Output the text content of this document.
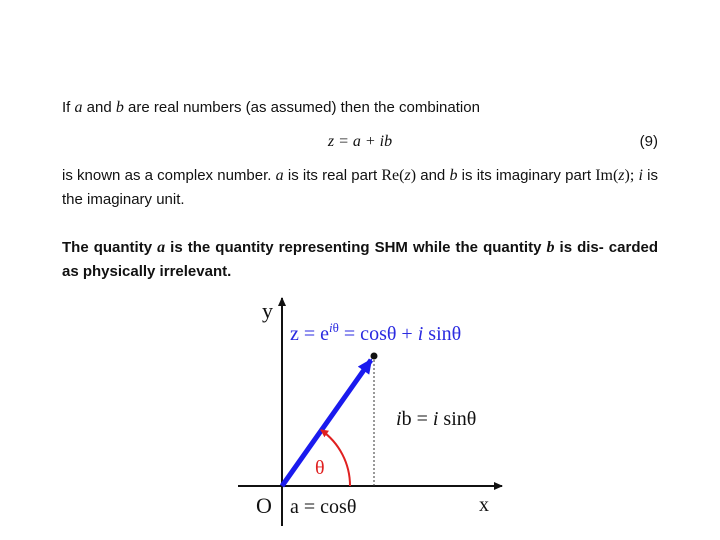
If a and b are real numbers (as assumed) then the combination
z = a + ib	(9)
is known as a complex number. a is its real part Re(z) and b is its imaginary part Im(z); i is the imaginary unit.
The quantity a is the quantity representing SHM while the quantity b is dis- carded as physically irrelevant.
y
x
O
$z = e^i\theta = \cos\theta + i$ sinθ
ib = i sinθ
θ
a = cosθ
